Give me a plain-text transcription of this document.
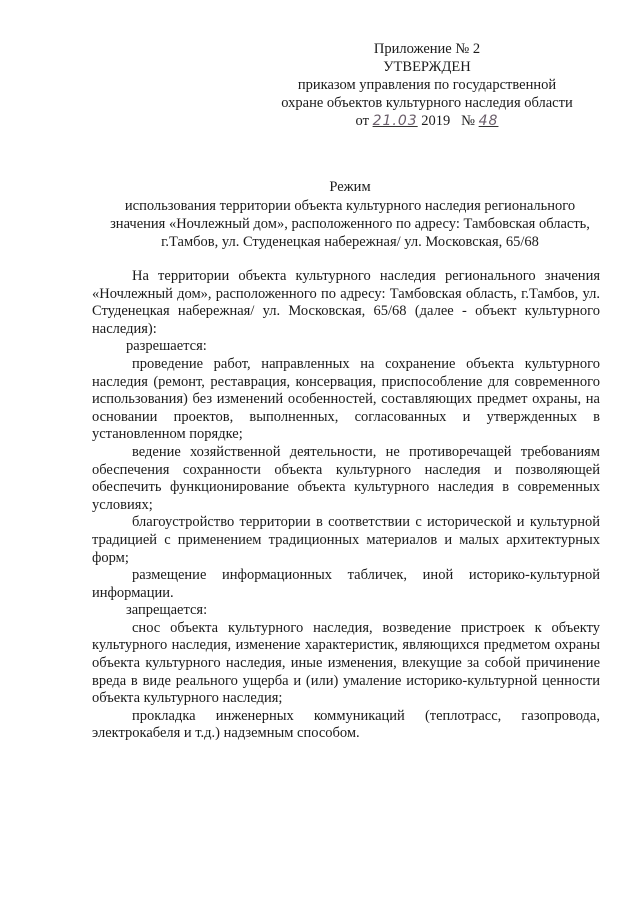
Приложение № 2
УТВЕРЖДЕН
приказом управления по государственной
охране объектов культурного наследия области
от 21.03 2019 № 48
Режим
использования территории объекта культурного наследия регионального
значения «Ночлежный дом», расположенного по адресу: Тамбовская область,
г.Тамбов, ул. Студенецкая набережная/ ул. Московская, 65/68

На территории объекта культурного наследия регионального значения «Ночлежный дом», расположенного по адресу: Тамбовская область, г.Тамбов, ул. Студенецкая набережная/ ул. Московская, 65/68 (далее - объект культурного наследия):

разрешается:

проведение работ, направленных на сохранение объекта культурного наследия (ремонт, реставрация, консервация, приспособление для современного использования) без изменений особенностей, составляющих предмет охраны, на основании проектов, выполненных, согласованных и утвержденных в установленном порядке;

ведение хозяйственной деятельности, не противоречащей требованиям обеспечения сохранности объекта культурного наследия и позволяющей обеспечить функционирование объекта культурного наследия в современных условиях;

благоустройство территории в соответствии с исторической и культурной традицией с применением традиционных материалов и малых архитектурных форм;

размещение информационных табличек, иной историко-культурной информации.

запрещается:

снос объекта культурного наследия, возведение пристроек к объекту культурного наследия, изменение характеристик, являющихся предметом охраны объекта культурного наследия, иные изменения, влекущие за собой причинение вреда в виде реального ущерба и (или) умаление историко-культурной ценности объекта культурного наследия;

прокладка инженерных коммуникаций (теплотрасс, газопровода, электрокабеля и т.д.) надземным способом.
